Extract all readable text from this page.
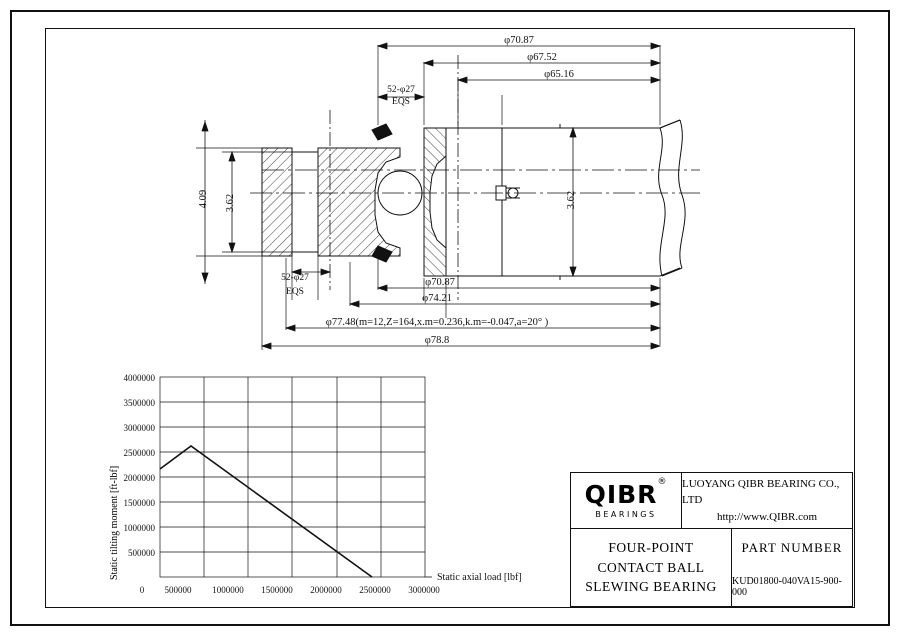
φ70.87
φ67.52
φ65.16
52-φ27
EQS
52-φ27
EQS
4.09 3.62	3.62
φ70.87
φ74.21
φ77.48(m=12,Z=164,x.m=0.236,k.m=-0.047,a=20° )
φ78.8
4000000
3500000
3000000
2500000
2000000
1500000
1000000
500000
0 500000 1000000 1500000 2000000 2500000 3000000
Static axial load [lbf]
Static tilting moment [ft-lbf]	QIBR®
BEARINGS
LUOYANG QIBR BEARING CO., LTD
http://www.QIBR.com
FOUR-POINT
CONTACT BALL
SLEWING BEARING
PART NUMBER
KUD01800-040VA15-900-000
